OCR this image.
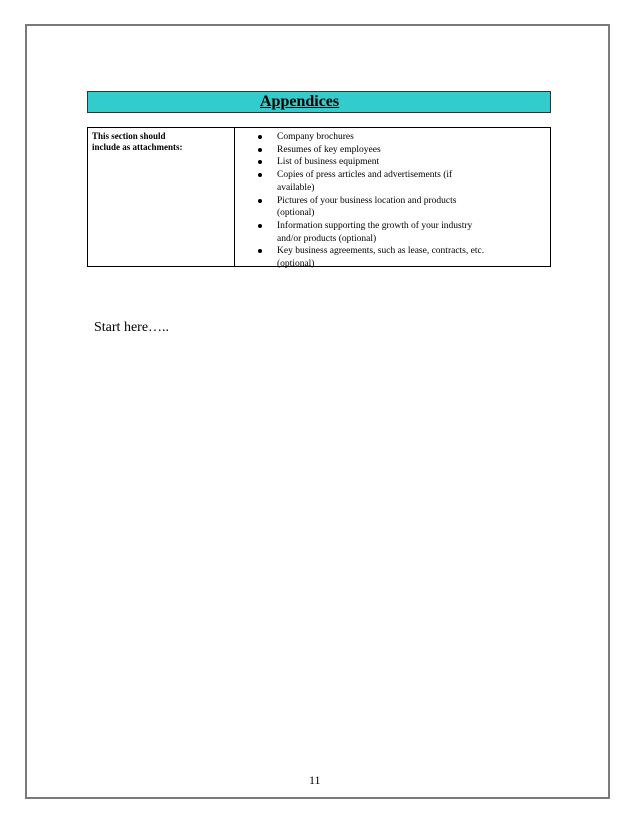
Appendices
This section should
include as attachments:
Company brochures
Resumes of key employees
List of business equipment
Copies of press articles and advertisements (if
available)
Pictures of your business location and products
(optional)
Information supporting the growth of your industry
and/or products (optional)
Key business agreements, such as lease, contracts, etc.
(optional)
Start here…..
11
